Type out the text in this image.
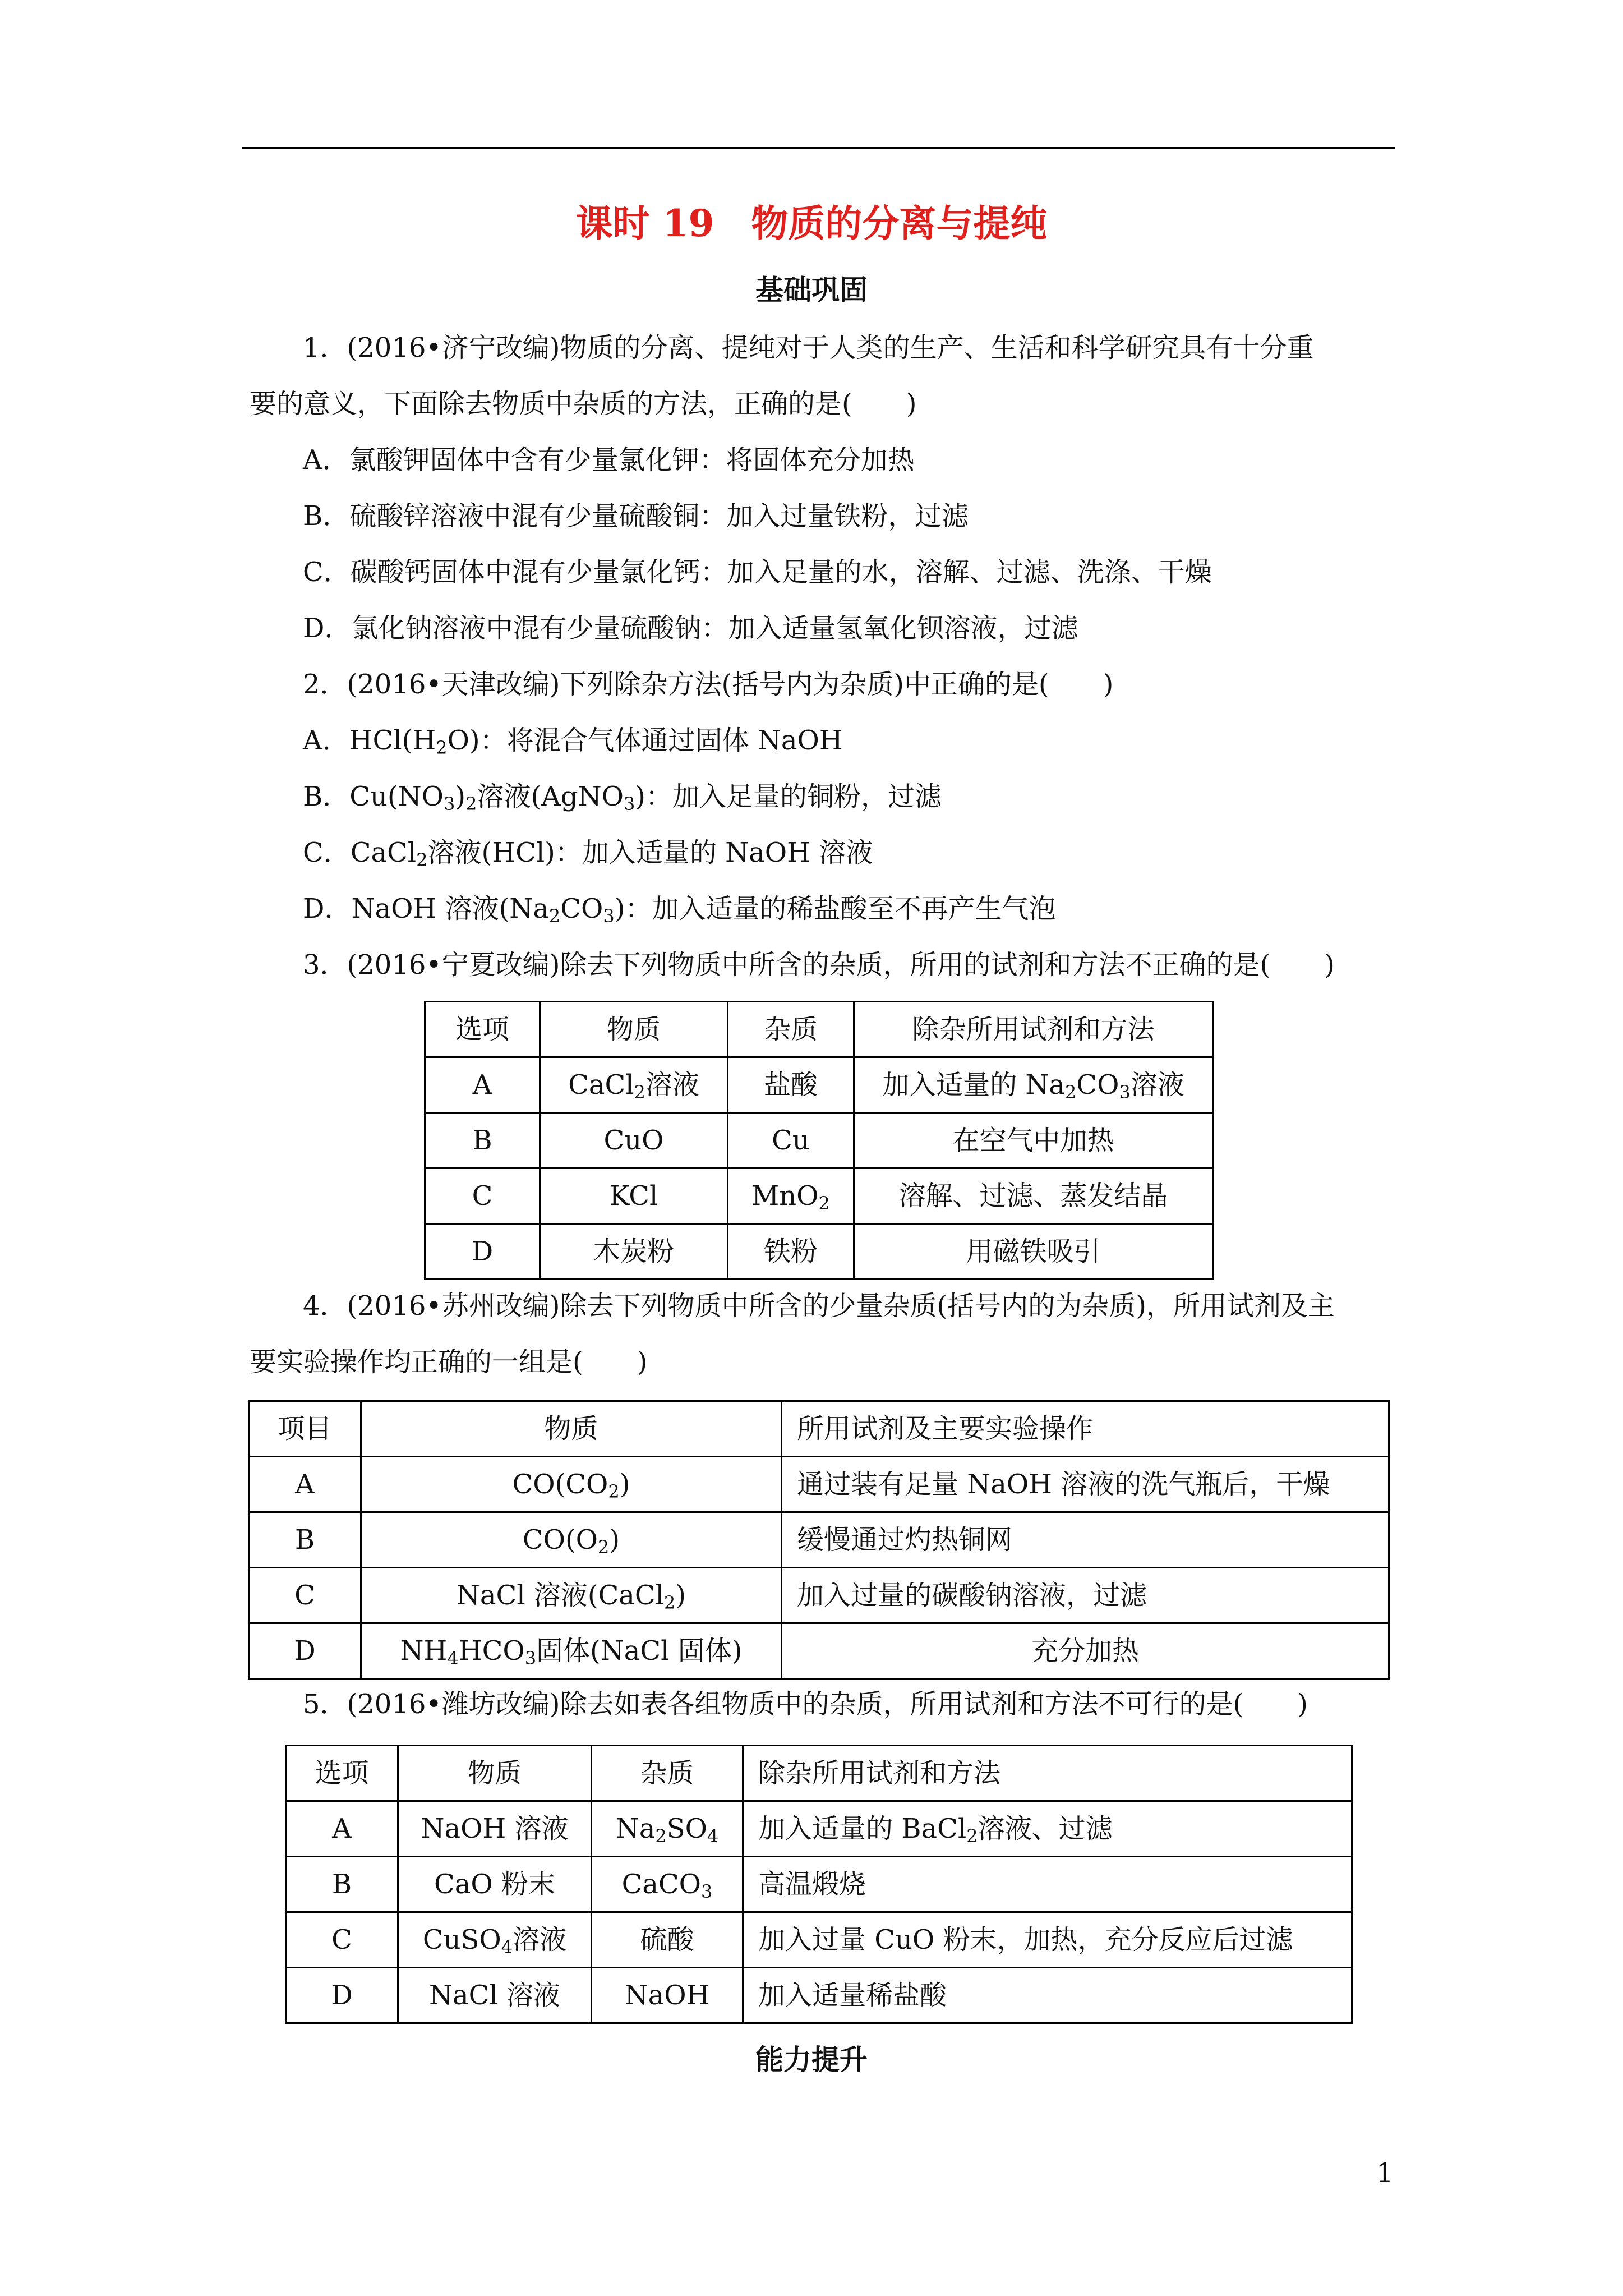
课时 19 物质的分离与提纯
基础巩固
1．(2016•济宁改编)物质的分离、提纯对于人类的生产、生活和科学研究具有十分重
要的意义，下面除去物质中杂质的方法，正确的是(　　)
A．氯酸钾固体中含有少量氯化钾：将固体充分加热
B．硫酸锌溶液中混有少量硫酸铜：加入过量铁粉，过滤
C．碳酸钙固体中混有少量氯化钙：加入足量的水，溶解、过滤、洗涤、干燥
D．氯化钠溶液中混有少量硫酸钠：加入适量氢氧化钡溶液，过滤
2．(2016•天津改编)下列除杂方法(括号内为杂质)中正确的是(　　)
A．$HCl(H_2O)$：将混合气体通过固体 NaOH
B．$Cu(NO_3)_2$溶液(AgNO$_3$)：加入足量的铜粉，过滤
C．CaCl$_2$溶液(HCl)：加入适量的 NaOH 溶液
D．NaOH 溶液$(Na_2CO_3)$：加入适量的稀盐酸至不再产生气泡
3．(2016•宁夏改编)除去下列物质中所含的杂质，所用的试剂和方法不正确的是(　　)
选项	物质	杂质	除杂所用试剂和方法
A	CaCl$_2$溶液	盐酸	加入适量的 $Na_2CO_3$溶液
B	CuO	Cu	在空气中加热
C	KCl	MnO$_2$	溶解、过滤、蒸发结晶
D	木炭粉	铁粉	用磁铁吸引
4．(2016•苏州改编)除去下列物质中所含的少量杂质(括号内的为杂质)，所用试剂及主
要实验操作均正确的一组是(　　)
项目	物质	所用试剂及主要实验操作
A	$CO(CO_2)$	通过装有足量 NaOH 溶液的洗气瓶后，干燥
B	$CO(O_2)$	缓慢通过灼热铜网
C	NaCl 溶液(CaCl$_2$)	加入过量的碳酸钠溶液，过滤
D	$NH_4HCO_3$固体(NaCl 固体)	充分加热
5．(2016•潍坊改编)除去如表各组物质中的杂质，所用试剂和方法不可行的是(　　)
选项	物质	杂质	除杂所用试剂和方法
A	NaOH 溶液	$Na_2SO_4$	加入适量的 BaCl$_2$溶液、过滤
B	CaO 粉末	CaCO$_3$	高温煅烧
C	CuSO$_4$溶液	硫酸	加入过量 CuO 粉末，加热，充分反应后过滤
D	NaCl 溶液	NaOH	加入适量稀盐酸
能力提升
1
